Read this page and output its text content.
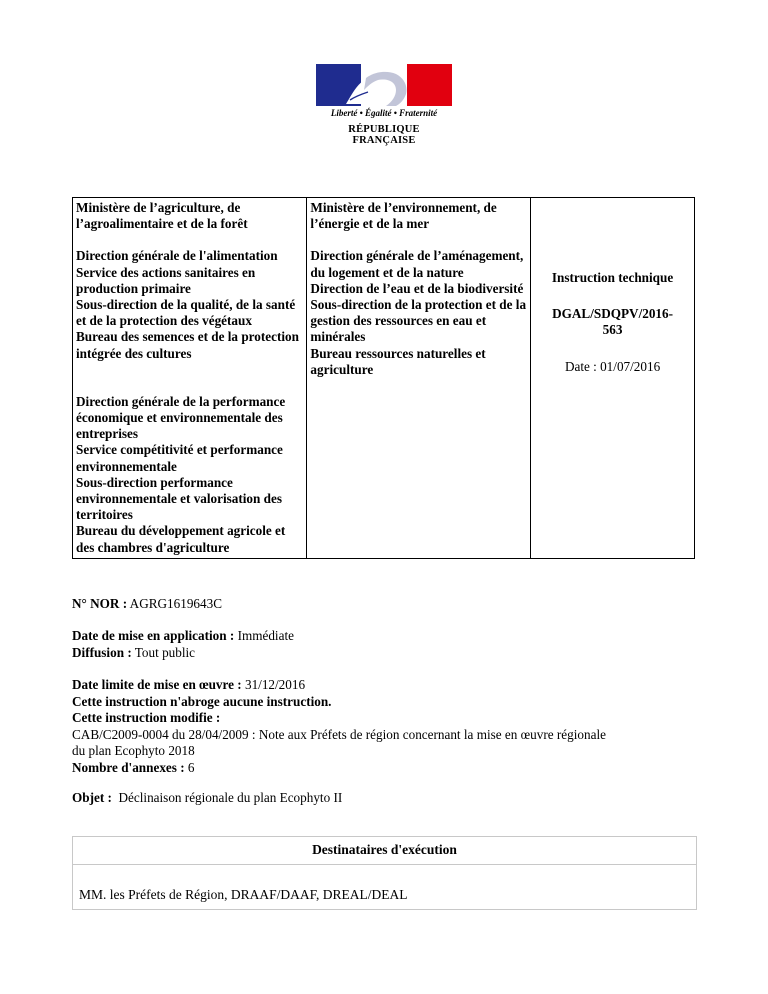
Liberté • Égalité • Fraternité
RÉPUBLIQUE FRANÇAISE
Ministère de l’agriculture, de l’agroalimentaire et de la forêt
Direction générale de l'alimentation
Service des actions sanitaires en production primaire
Sous-direction de la qualité, de la santé et de la protection des végétaux
Bureau des semences et de la protection intégrée des cultures
Direction générale de la performance économique et environnementale des entreprises
Service compétitivité et performance environnementale
Sous-direction performance environnementale et valorisation des territoires
Bureau du développement agricole et des chambres d'agriculture

Ministère de l’environnement, de l’énergie et de la mer
Direction générale de l’aménagement, du logement et de la nature
Direction de l’eau et de la biodiversité
Sous-direction de la protection et de la gestion des ressources en eau et minérales
Bureau ressources naturelles et agriculture

Instruction technique
DGAL/SDQPV/2016-563
Date : 01/07/2016
N° NOR : AGRG1619643C
Date de mise en application : Immédiate
Diffusion : Tout public
Date limite de mise en œuvre : 31/12/2016
Cette instruction n'abroge aucune instruction.
Cette instruction modifie :
CAB/C2009-0004 du 28/04/2009 : Note aux Préfets de région concernant la mise en œuvre régionale du plan Ecophyto 2018
Nombre d'annexes : 6
Objet : Déclinaison régionale du plan Ecophyto II
Destinataires d'exécution
MM. les Préfets de Région, DRAAF/DAAF, DREAL/DEAL
